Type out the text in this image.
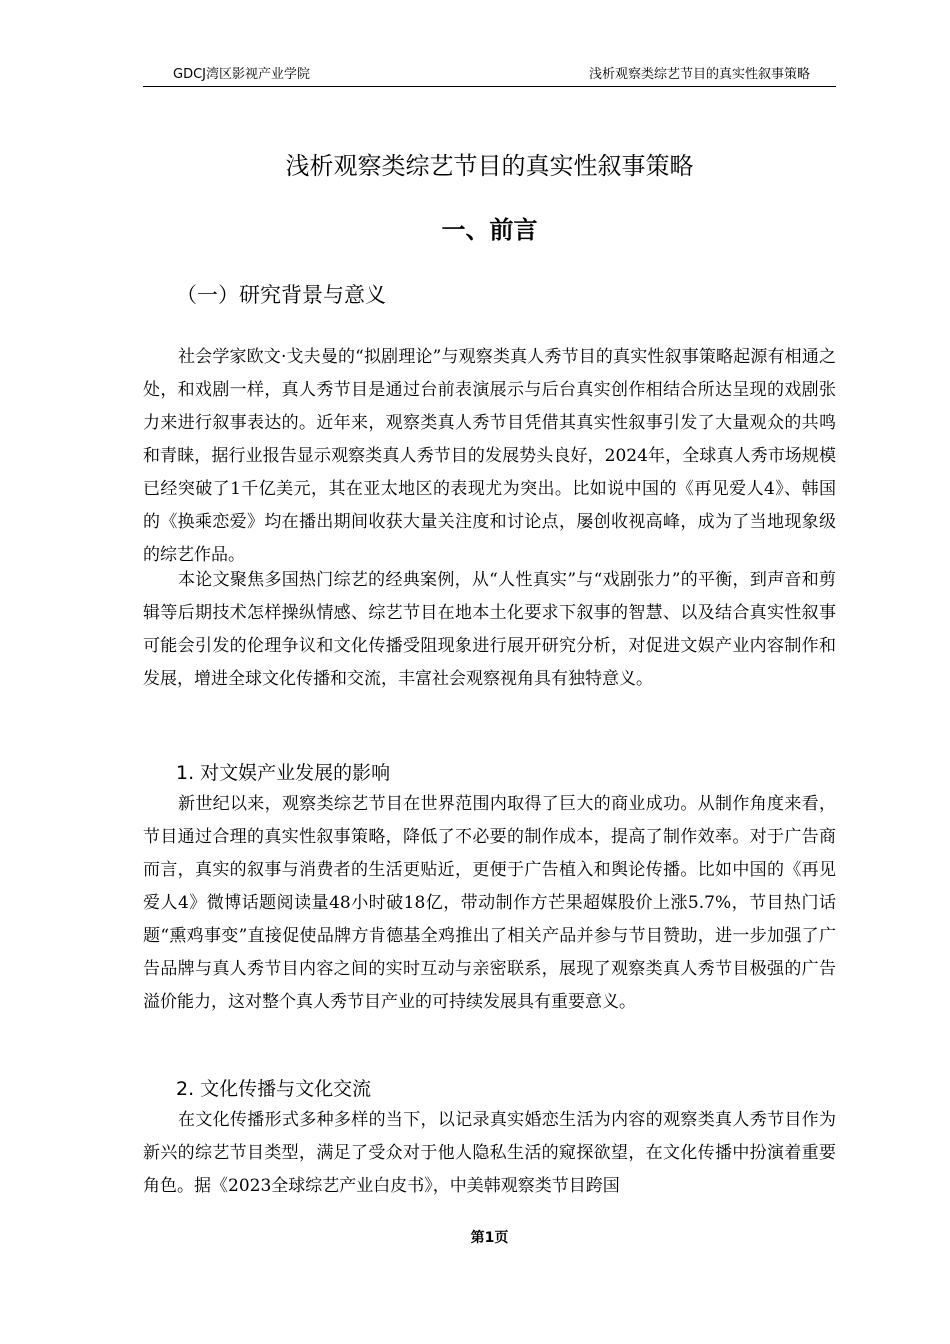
GDCJ湾区影视产业学院	浅析观察类综艺节目的真实性叙事策略
浅析观察类综艺节目的真实性叙事策略
一、前言
（一）研究背景与意义

社会学家欧文·戈夫曼的“拟剧理论”与观察类真人秀节目的真实性叙事策略起源有相通之处，和戏剧一样，真人秀节目是通过台前表演展示与后台真实创作相结合所达呈现的戏剧张力来进行叙事表达的。近年来，观察类真人秀节目凭借其真实性叙事引发了大量观众的共鸣和青睐，据行业报告显示观察类真人秀节目的发展势头良好，2024年，全球真人秀市场规模已经突破了1千亿美元，其在亚太地区的表现尤为突出。比如说中国的《再见爱人4》、韩国的《换乘恋爱》均在播出期间收获大量关注度和讨论点，屡创收视高峰，成为了当地现象级的综艺作品。

本论文聚焦多国热门综艺的经典案例，从“人性真实”与“戏剧张力”的平衡，到声音和剪辑等后期技术怎样操纵情感、综艺节目在地本土化要求下叙事的智慧、以及结合真实性叙事可能会引发的伦理争议和文化传播受阻现象进行展开研究分析，对促进文娱产业内容制作和发展，增进全球文化传播和交流，丰富社会观察视角具有独特意义。

1. 对文娱产业发展的影响

新世纪以来，观察类综艺节目在世界范围内取得了巨大的商业成功。从制作角度来看，节目通过合理的真实性叙事策略，降低了不必要的制作成本，提高了制作效率。对于广告商而言，真实的叙事与消费者的生活更贴近，更便于广告植入和舆论传播。比如中国的《再见爱人4》微博话题阅读量48小时破18亿，带动制作方芒果超媒股价上涨5.7%，节目热门话题“熏鸡事变”直接促使品牌方肯德基全鸡推出了相关产品并参与节目赞助，进一步加强了广告品牌与真人秀节目内容之间的实时互动与亲密联系，展现了观察类真人秀节目极强的广告溢价能力，这对整个真人秀节目产业的可持续发展具有重要意义。

2. 文化传播与文化交流

在文化传播形式多种多样的当下，以记录真实婚恋生活为内容的观察类真人秀节目作为新兴的综艺节目类型，满足了受众对于他人隐私生活的窥探欲望，在文化传播中扮演着重要角色。据《2023全球综艺产业白皮书》，中美韩观察类节目跨国

第1页
